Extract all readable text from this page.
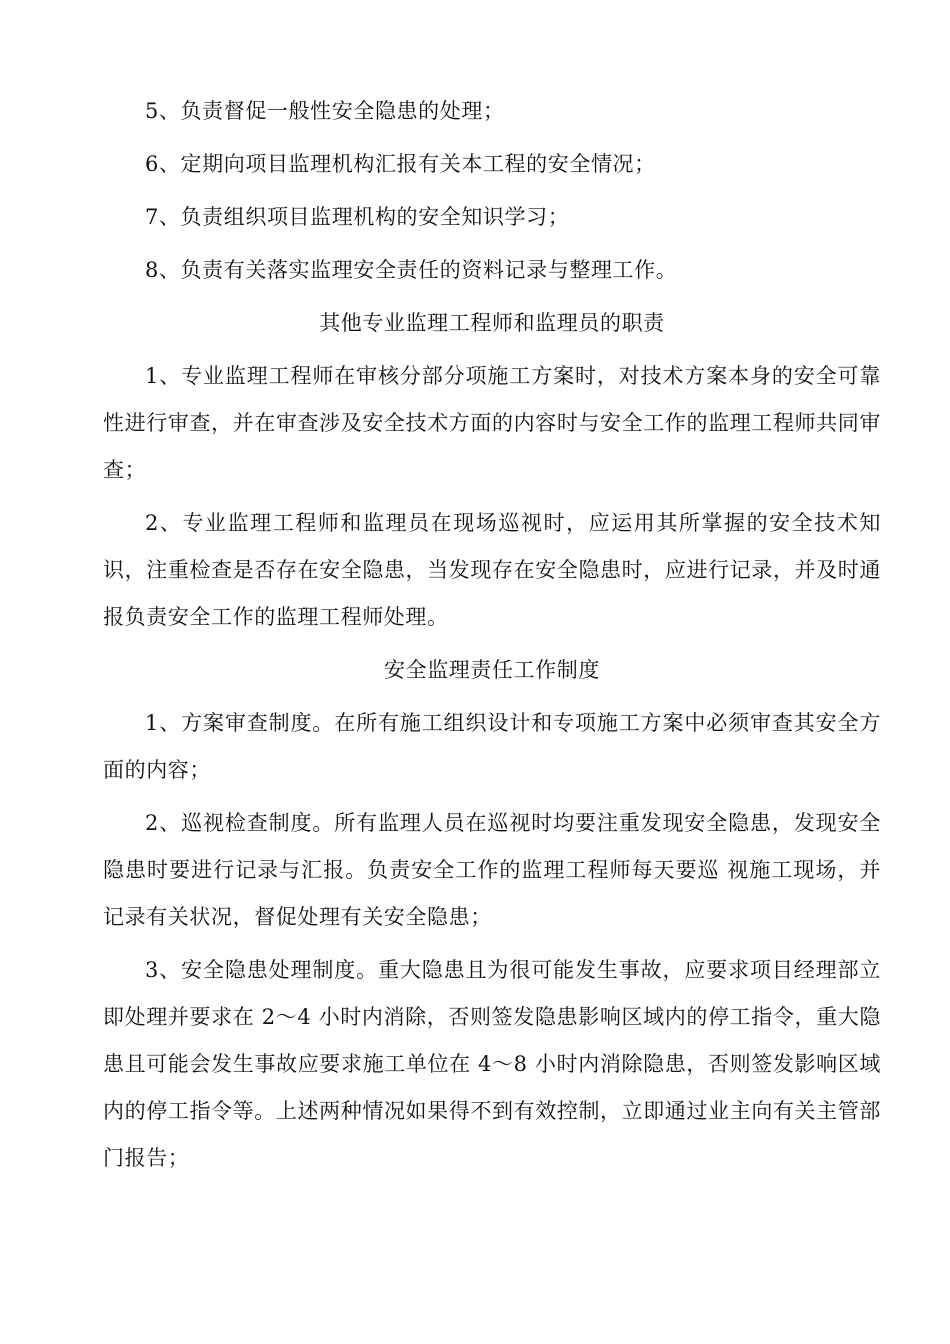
5、负责督促一般性安全隐患的处理；

6、定期向项目监理机构汇报有关本工程的安全情况；

7、负责组织项目监理机构的安全知识学习；

8、负责有关落实监理安全责任的资料记录与整理工作。

其他专业监理工程师和监理员的职责

1、专业监理工程师在审核分部分项施工方案时，对技术方案本身的安全可靠性进行审查，并在审查涉及安全技术方面的内容时与安全工作的监理工程师共同审查；

2、专业监理工程师和监理员在现场巡视时，应运用其所掌握的安全技术知识，注重检查是否存在安全隐患，当发现存在安全隐患时，应进行记录，并及时通报负责安全工作的监理工程师处理。

安全监理责任工作制度

1、方案审查制度。在所有施工组织设计和专项施工方案中必须审查其安全方面的内容；

2、巡视检查制度。所有监理人员在巡视时均要注重发现安全隐患，发现安全隐患时要进行记录与汇报。负责安全工作的监理工程师每天要巡 视施工现场，并记录有关状况，督促处理有关安全隐患；

3、安全隐患处理制度。重大隐患且为很可能发生事故，应要求项目经理部立即处理并要求在 2～4 小时内消除，否则签发隐患影响区域内的停工指令，重大隐患且可能会发生事故应要求施工单位在 4～8 小时内消除隐患，否则签发影响区域内的停工指令等。上述两种情况如果得不到有效控制，立即通过业主向有关主管部门报告；
